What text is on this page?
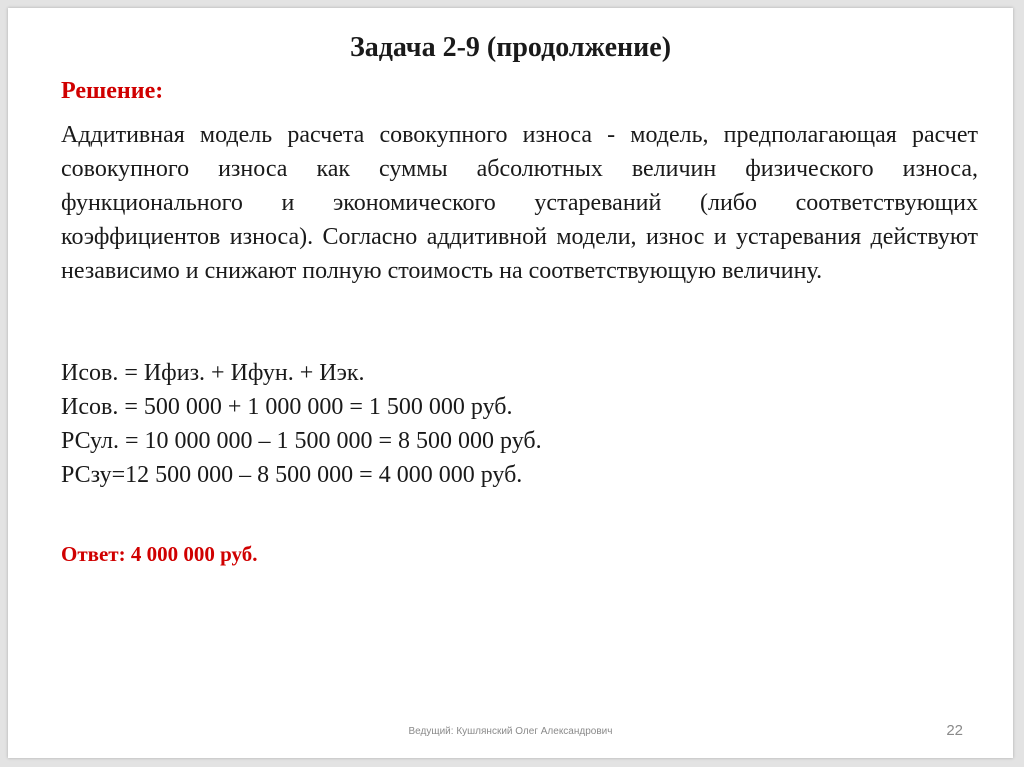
Задача 2-9 (продолжение)
Решение:

Аддитивная модель расчета совокупного износа - модель, предполагающая расчет совокупного износа как суммы абсолютных величин физического износа, функционального и экономического устареваний (либо соответствующих коэффициентов износа). Согласно аддитивной модели, износ и устаревания действуют независимо и снижают полную стоимость на соответствующую величину.

Исов. = Ифиз. + Ифун. + Иэк.
Исов. = 500 000 + 1 000 000 = 1 500 000 руб.
РСул. = 10 000 000 – 1 500 000 = 8 500 000 руб.
РСзу=12 500 000 – 8 500 000 = 4 000 000 руб.

Ответ: 4 000 000 руб.

Ведущий: Кушлянский Олег Александрович	22
